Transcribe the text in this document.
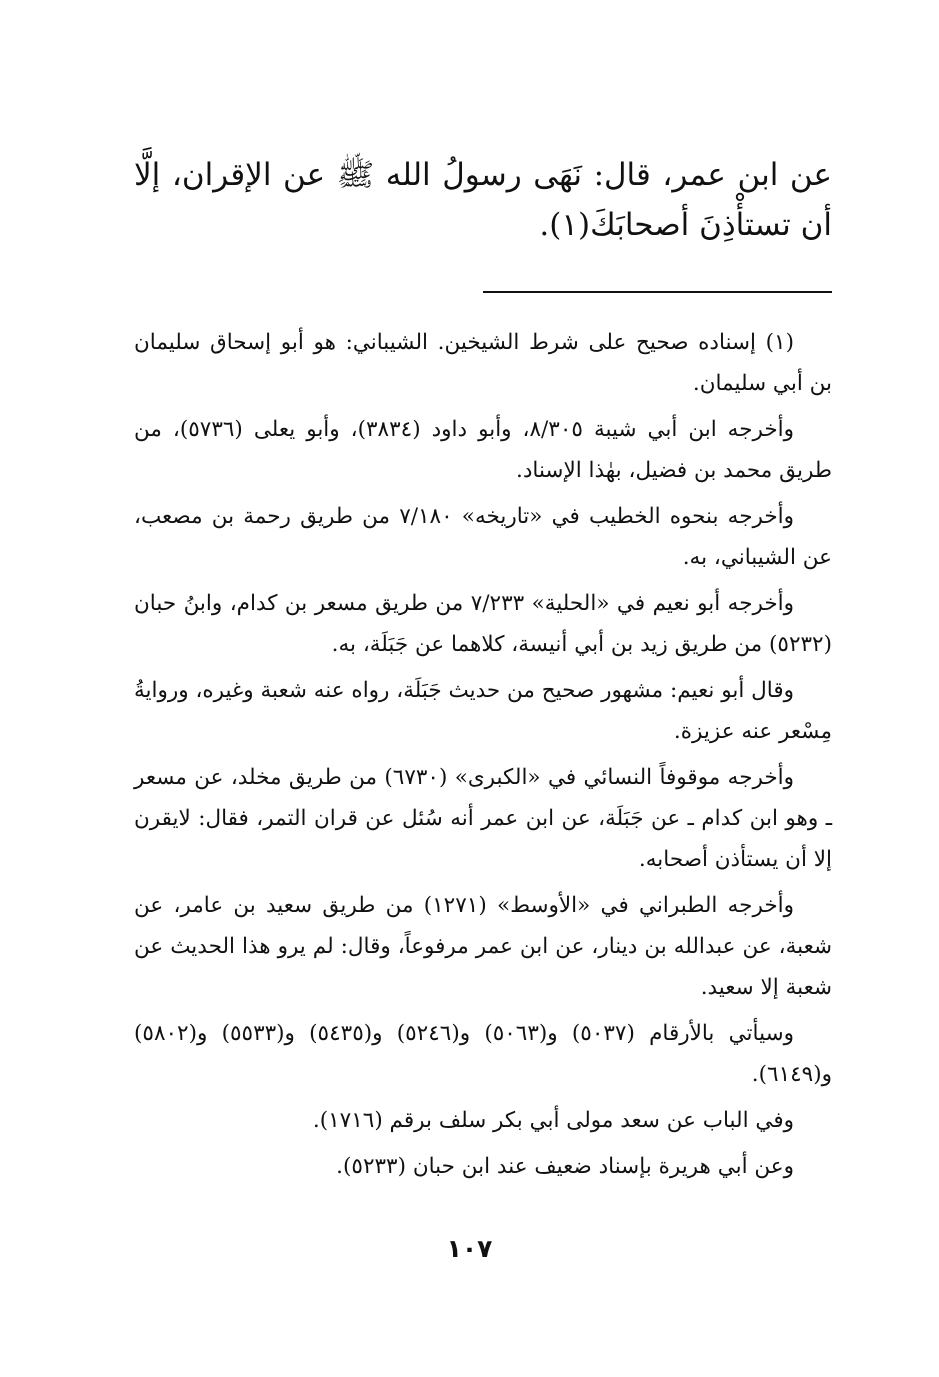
عن ابن عمر، قال: نَهَى رسولُ الله ﷺ عن الإقران، إلَّا أن تستأْذِنَ أصحابَكَ(١).

(١) إسناده صحيح على شرط الشيخين. الشيباني: هو أبو إسحاق سليمان بن أبي سليمان.

وأخرجه ابن أبي شيبة ٨/٣٠٥، وأبو داود (٣٨٣٤)، وأبو يعلى (٥٧٣٦)، من طريق محمد بن فضيل، بهٰذا الإسناد.

وأخرجه بنحوه الخطيب في «تاريخه» ٧/١٨٠ من طريق رحمة بن مصعب، عن الشيباني، به.

وأخرجه أبو نعيم في «الحلية» ٧/٢٣٣ من طريق مسعر بن كدام، وابنُ حبان (٥٢٣٢) من طريق زيد بن أبي أنيسة، كلاهما عن جَبَلَة، به.

وقال أبو نعيم: مشهور صحيح من حديث جَبَلَة، رواه عنه شعبة وغيره، وروايةُ مِسْعر عنه عزيزة.

وأخرجه موقوفاً النسائي في «الكبرى» (٦٧٣٠) من طريق مخلد، عن مسعر ـ وهو ابن كدام ـ عن جَبَلَة، عن ابن عمر أنه سُئل عن قران التمر، فقال: لايقرن إلا أن يستأذن أصحابه.

وأخرجه الطبراني في «الأوسط» (١٢٧١) من طريق سعيد بن عامر، عن شعبة، عن عبدالله بن دينار، عن ابن عمر مرفوعاً، وقال: لم يرو هذا الحديث عن شعبة إلا سعيد.

وسيأتي بالأرقام (٥٠٣٧) و(٥٠٦٣) و(٥٢٤٦) و(٥٤٣٥) و(٥٥٣٣) و(٥٨٠٢) و(٦١٤٩).

وفي الباب عن سعد مولى أبي بكر سلف برقم (١٧١٦).

وعن أبي هريرة بإسناد ضعيف عند ابن حبان (٥٢٣٣).

١٠٧
